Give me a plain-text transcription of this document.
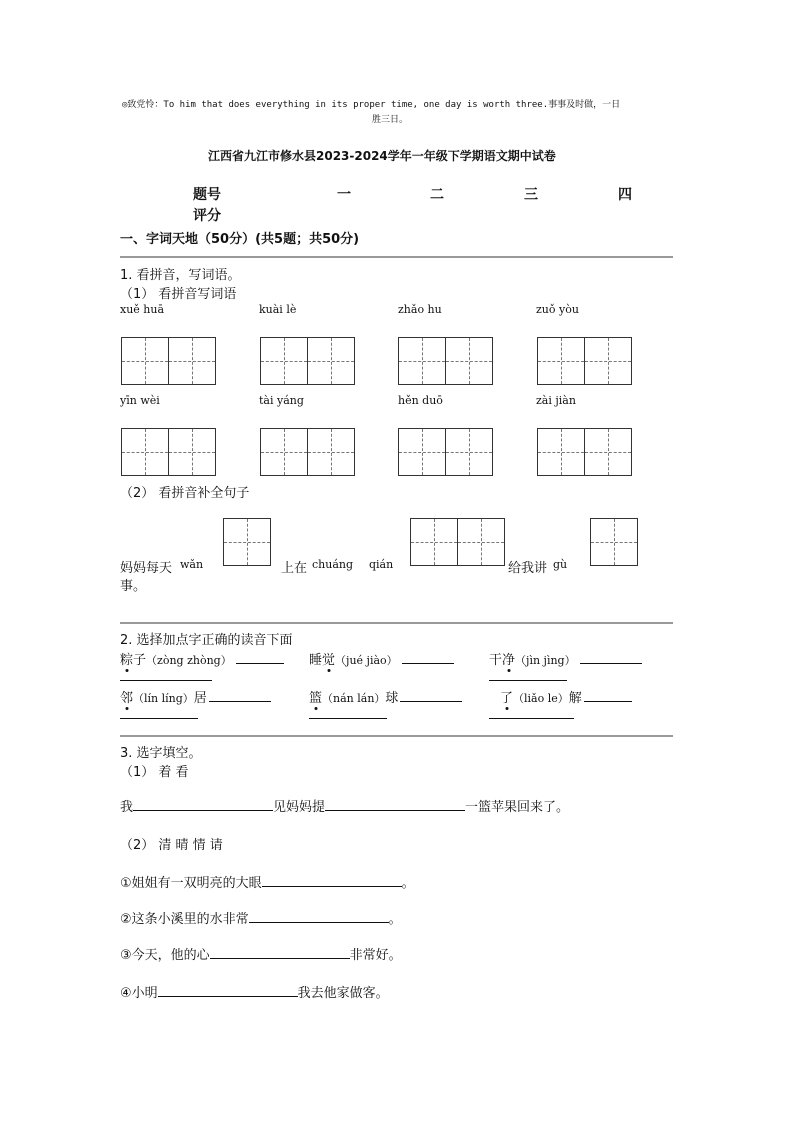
◎致党怜：To him that does everything in its proper time, one day is worth three.事事及时做，一日
胜三日。
江西省九江市修水县2023-2024学年一年级下学期语文期中试卷
题号	一	二	三	四
评分
一、字词天地（50分）(共5题；共50分)
1. 看拼音，写词语。
（1） 看拼音写词语
xuě huā	kuài lè	zhǎo hu	zuǒ yòu
yīn wèi	tài yáng	hěn duō	zài jiàn
（2） 看拼音补全句子
妈妈每天 wǎn	上在 chuáng qián	给我讲 gù
事。
2. 选择加点字正确的读音下面
粽子（zòng zhòng）	睡觉（jué jiào）	干净（jìn jìng）
邻（lín líng）居	篮（nán lán）球	了（liǎo le）解
3. 选字填空。
（1） 着 看
我	见妈妈提	一篮苹果回来了。
（2） 清 晴 情 请
①姐姐有一双明亮的大眼	。
②这条小溪里的水非常	。
③今天，他的心	非常好。
④小明	我去他家做客。
